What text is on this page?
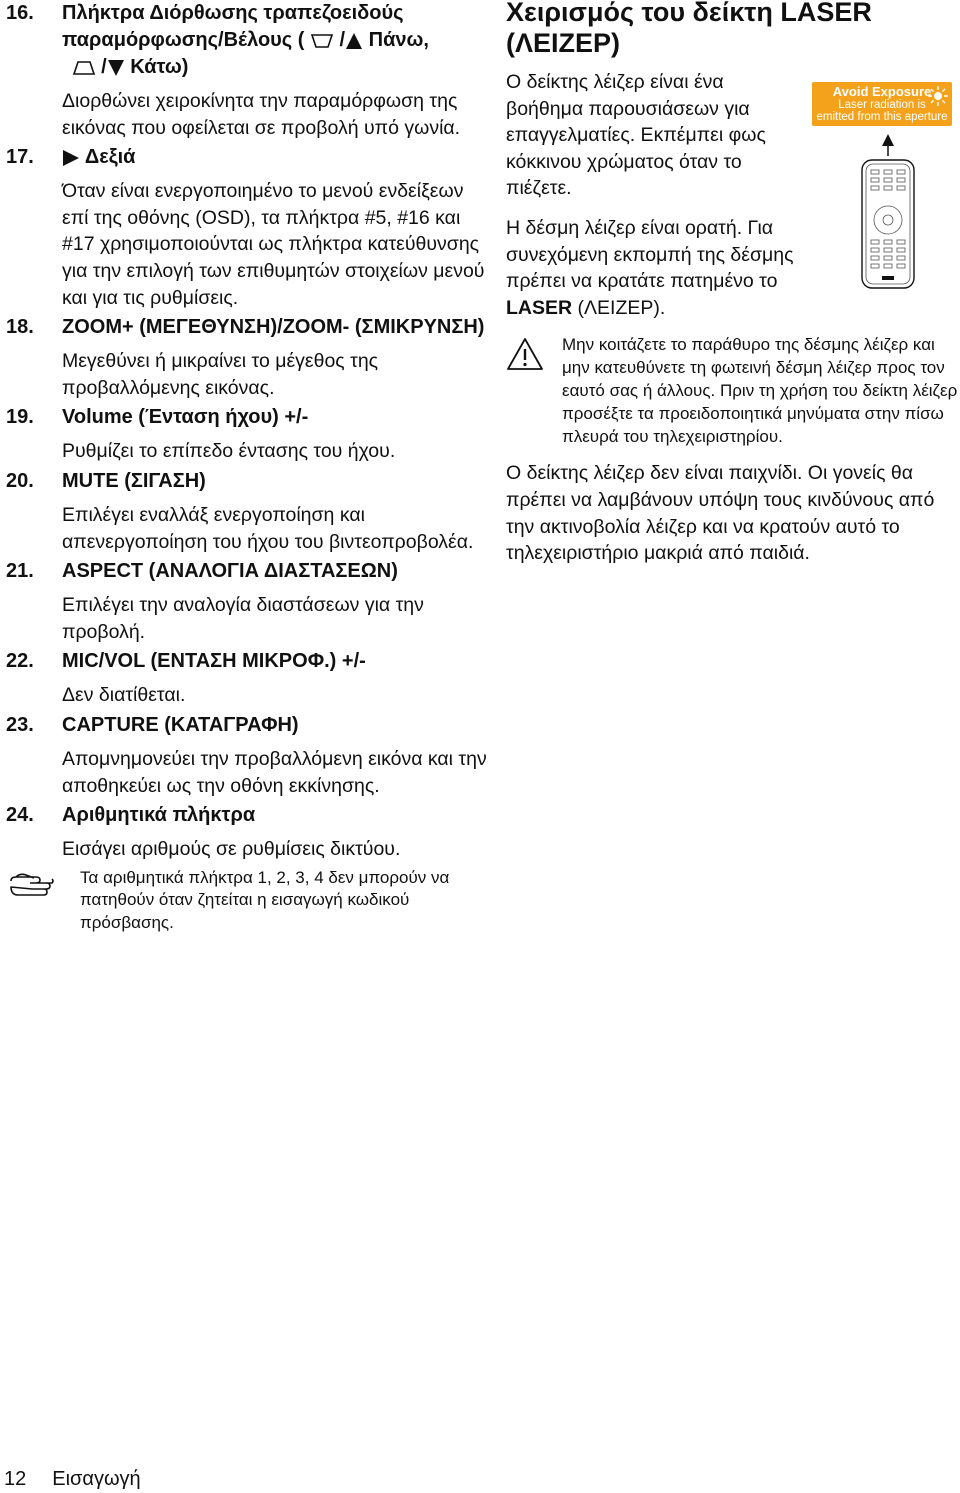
16. Πλήκτρα Διόρθωσης τραπεζοειδούς παραμόρφωσης/Βέλους (  / Πάνω,
/ Κάτω)
Διορθώνει χειροκίνητα την παραμόρφωση της εικόνας που οφείλεται σε προβολή υπό γωνία.
17.	Δεξιά
Όταν είναι ενεργοποιημένο το μενού ενδείξεων επί της οθόνης (OSD), τα πλήκτρα #5, #16 και #17 χρησιμοποιούνται ως πλήκτρα κατεύθυνσης για την επιλογή των επιθυμητών στοιχείων μενού και για τις ρυθμίσεις.
18. ZOOM+ (ΜΕΓΕΘΥΝΣΗ)/ZOOM- (ΣΜΙΚΡΥΝΣΗ)
Μεγεθύνει ή μικραίνει το μέγεθος της προβαλλόμενης εικόνας.
19. Volume (Ένταση ήχου) +/-
Ρυθμίζει το επίπεδο έντασης του ήχου.
20. MUTE (ΣΙΓΑΣΗ)
Επιλέγει εναλλάξ ενεργοποίηση και απενεργοποίηση του ήχου του βιντεοπροβολέα.
21. ASPECT (ΑΝΑΛΟΓΙΑ ΔΙΑΣΤΑΣΕΩΝ)
Επιλέγει την αναλογία διαστάσεων για την προβολή.
22. MIC/VOL (ΕΝΤΑΣΗ ΜΙΚΡΟΦ.) +/-
Δεν διατίθεται.
23. CAPTURE (ΚΑΤΑΓΡΑΦΗ)
Απομνημονεύει την προβαλλόμενη εικόνα και την αποθηκεύει ως την οθόνη εκκίνησης.
24. Αριθμητικά πλήκτρα
Εισάγει αριθμούς σε ρυθμίσεις δικτύου.
Τα αριθμητικά πλήκτρα 1, 2, 3, 4 δεν μπορούν να πατηθούν όταν ζητείται η εισαγωγή κωδικού πρόσβασης.
Χειρισμός του δείκτη LASER (ΛΕΙΖΕΡ)
Ο δείκτης λέιζερ είναι ένα βοήθημα παρουσιάσεων για επαγγελματίες. Εκπέμπει φως κόκκινου χρώματος όταν το πιέζετε.
Η δέσμη λέιζερ είναι ορατή. Για συνεχόμενη εκπομπή της δέσμης πρέπει να κρατάτε πατημένο το LASER (ΛΕΙΖΕΡ).
Μην κοιτάζετε το παράθυρο της δέσμης λέιζερ και μην κατευθύνετε τη φωτεινή δέσμη λέιζερ προς τον εαυτό σας ή άλλους. Πριν τη χρήση του δείκτη λέιζερ προσέξτε τα προειδοποιητικά μηνύματα στην πίσω πλευρά του τηλεχειριστηρίου.
Ο δείκτης λέιζερ δεν είναι παιχνίδι. Οι γονείς θα πρέπει να λαμβάνουν υπόψη τους κινδύνους από την ακτινοβολία λέιζερ και να κρατούν αυτό το τηλεχειριστήριο μακριά από παιδιά.
Avoid Exposure
Laser radiation is
emitted from this aperture
12 Εισαγωγή
